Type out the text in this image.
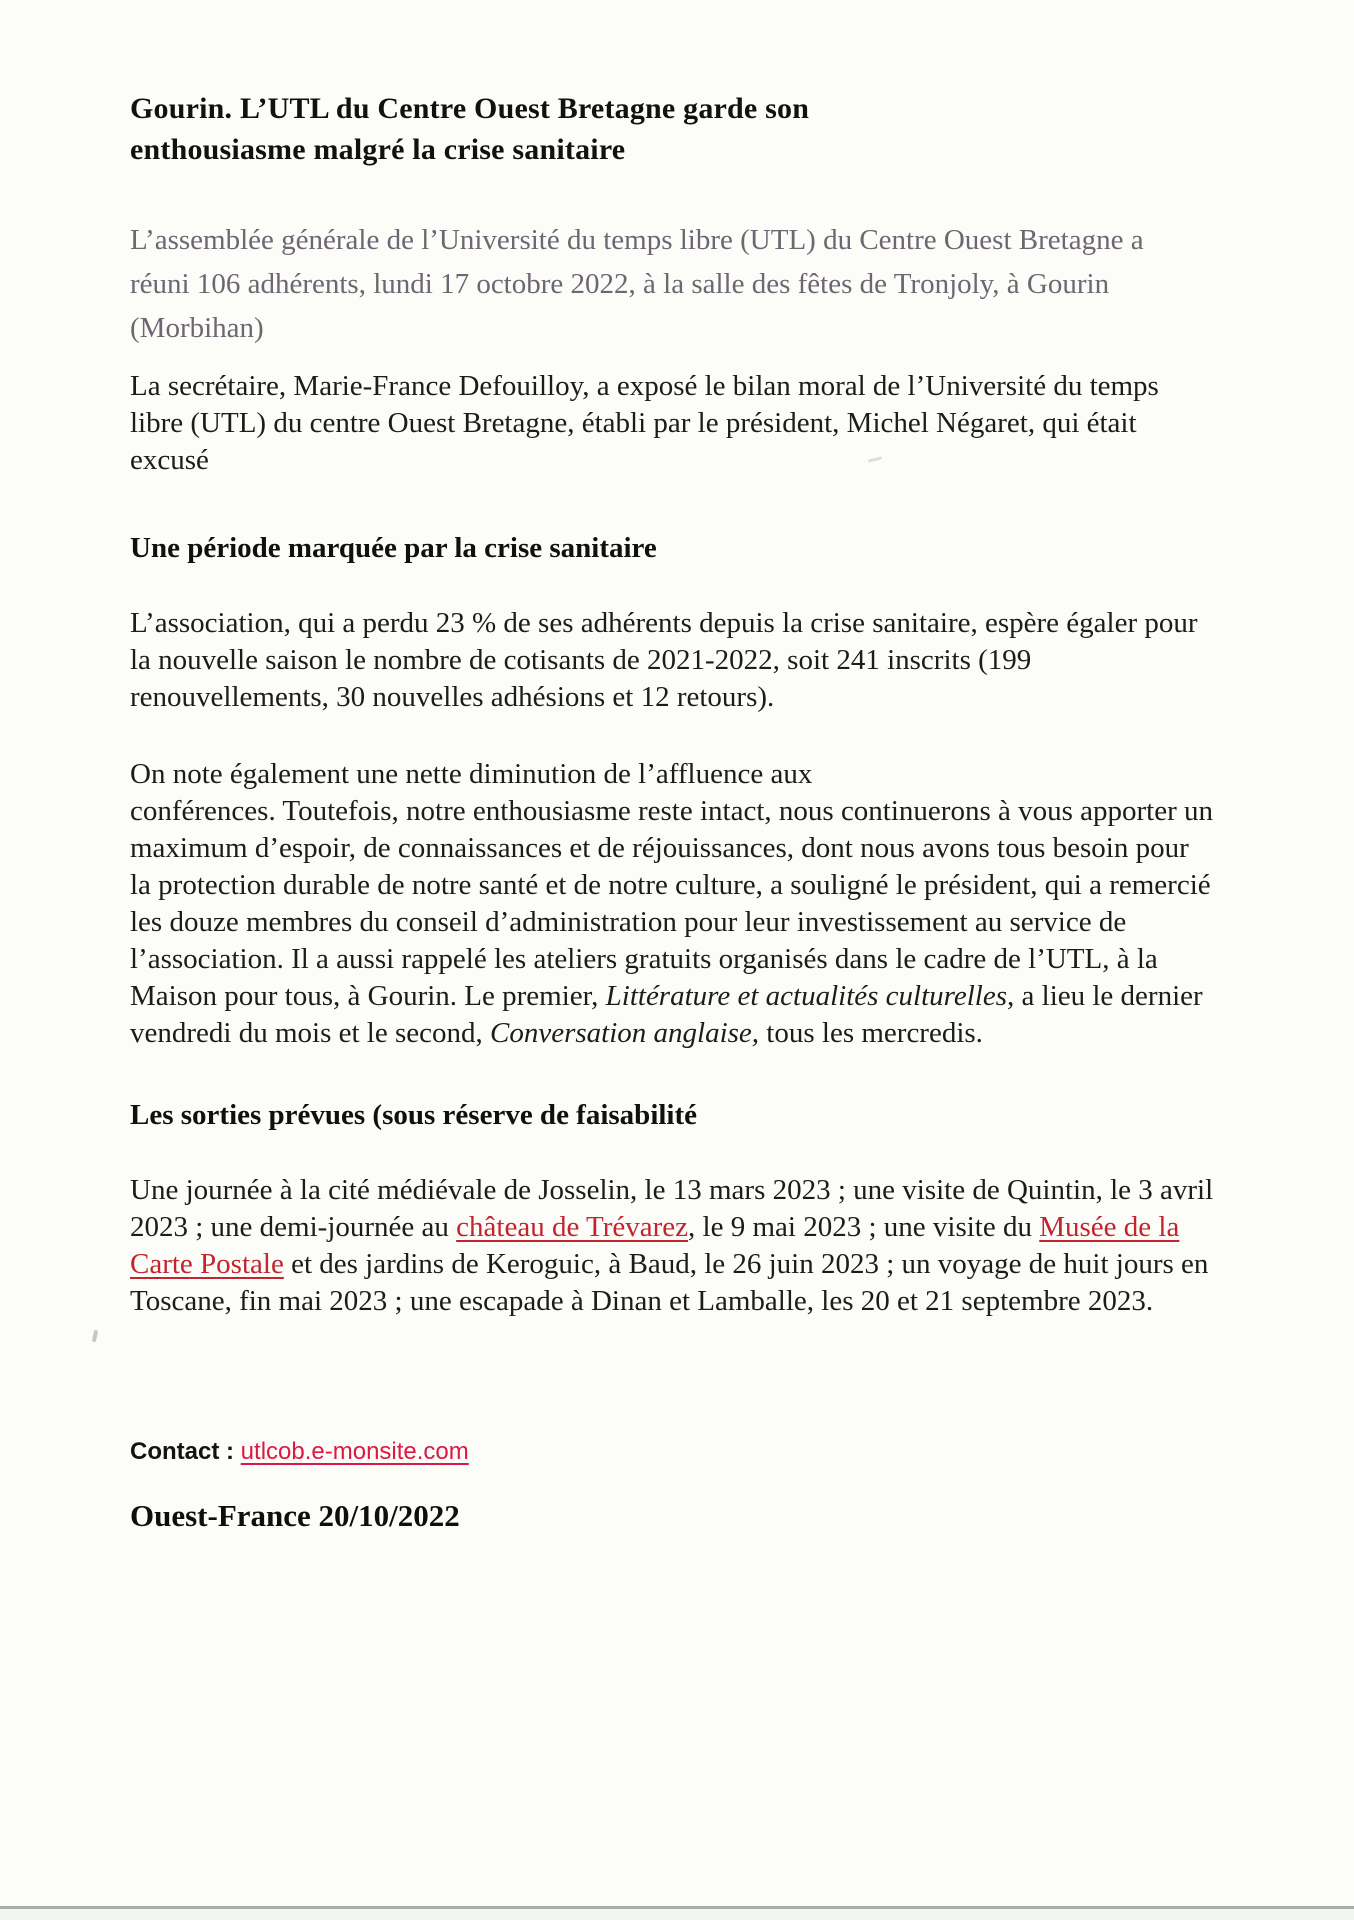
Gourin. L’UTL du Centre Ouest Bretagne garde son enthousiasme malgré la crise sanitaire

L’assemblée générale de l’Université du temps libre (UTL) du Centre Ouest Bretagne a réuni 106 adhérents, lundi 17 octobre 2022, à la salle des fêtes de Tronjoly, à Gourin (Morbihan)

La secrétaire, Marie-France Defouilloy, a exposé le bilan moral de l’Université du temps libre (UTL) du centre Ouest Bretagne, établi par le président, Michel Négaret, qui était excusé

Une période marquée par la crise sanitaire

L’association, qui a perdu 23 % de ses adhérents depuis la crise sanitaire, espère égaler pour la nouvelle saison le nombre de cotisants de 2021-2022, soit 241 inscrits (199 renouvellements, 30 nouvelles adhésions et 12 retours).

On note également une nette diminution de l’affluence aux
conférences. Toutefois, notre enthousiasme reste intact, nous continuerons à vous apporter un maximum d’espoir, de connaissances et de réjouissances, dont nous avons tous besoin pour la protection durable de notre santé et de notre culture, a souligné le président, qui a remercié les douze membres du conseil d’administration pour leur investissement au service de l’association. Il a aussi rappelé les ateliers gratuits organisés dans le cadre de l’UTL, à la Maison pour tous, à Gourin. Le premier, Littérature et actualités culturelles, a lieu le dernier vendredi du mois et le second, Conversation anglaise, tous les mercredis.

Les sorties prévues (sous réserve de faisabilité

Une journée à la cité médiévale de Josselin, le 13 mars 2023 ; une visite de Quintin, le 3 avril 2023 ; une demi-journée au château de Trévarez, le 9 mai 2023 ; une visite du Musée de la Carte Postale et des jardins de Keroguic, à Baud, le 26 juin 2023 ; un voyage de huit jours en Toscane, fin mai 2023 ; une escapade à Dinan et Lamballe, les 20 et 21 septembre 2023.

Contact : utlcob.e-monsite.com

Ouest-France 20/10/2022
